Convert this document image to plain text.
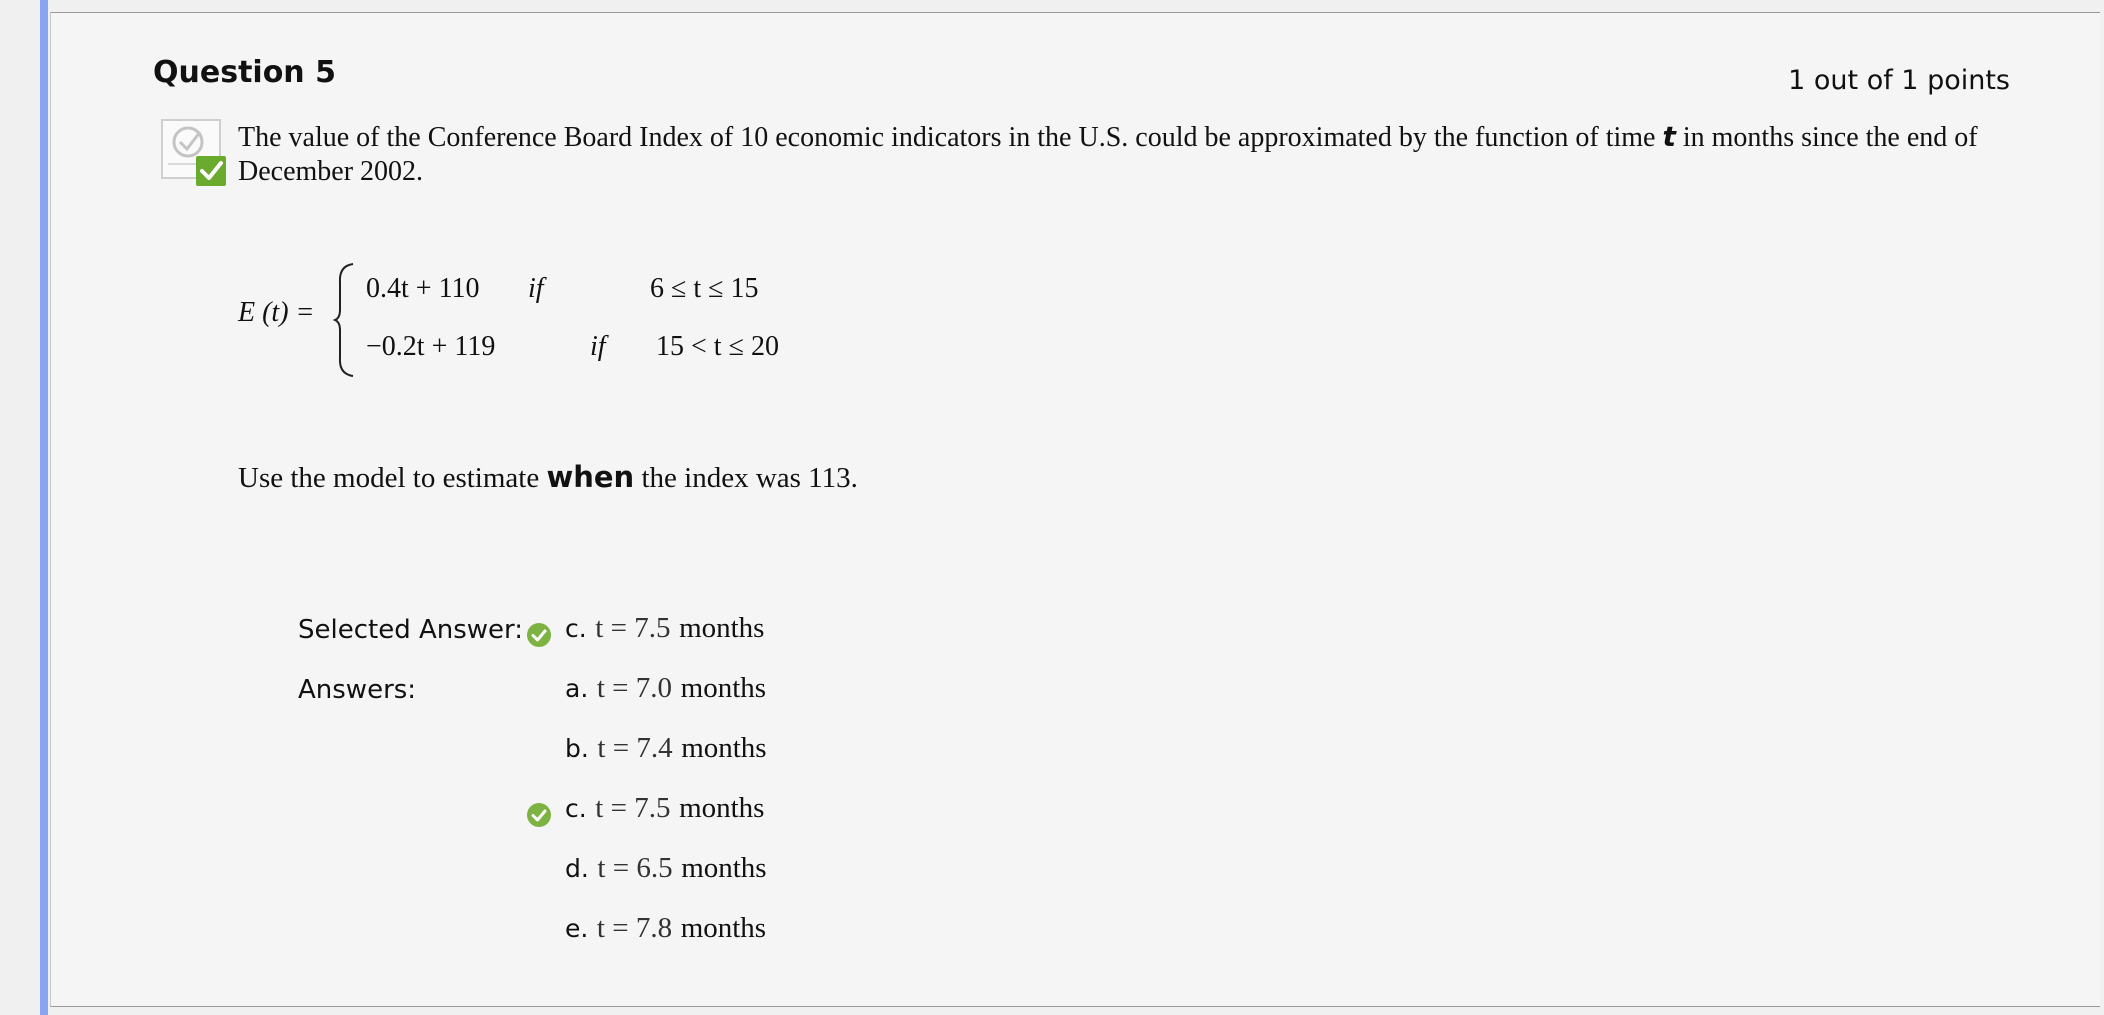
Question 5	1 out of 1 points
The value of the Conference Board Index of 10 economic indicators in the U.S. could be approximated by the function of time t in months since the end of December 2002.
E (t) =
0.4t + 110 if	6 ≤ t ≤ 15
−0.2t + 119	if 15 < t ≤ 20
Use the model to estimate when the index was 113.
Selected Answer: c. t = 7.5 months
Answers:	a. t = 7.0 months
b. t = 7.4 months
c. t = 7.5 months
d. t = 6.5 months
e. t = 7.8 months
